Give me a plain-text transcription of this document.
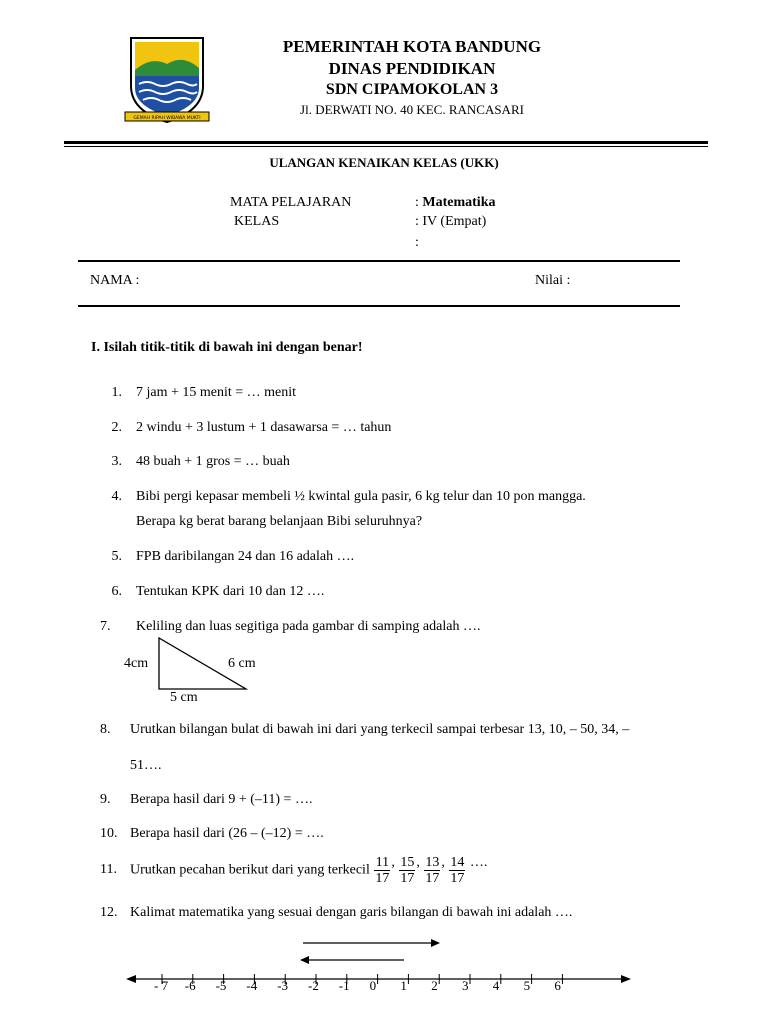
GEMAH RIPAH WIBAWA MUKTI
PEMERINTAH KOTA BANDUNG
DINAS PENDIDIKAN
SDN CIPAMOKOLAN 3
Jl. DERWATI NO. 40 KEC. RANCASARI
ULANGAN KENAIKAN KELAS (UKK)
MATA PELAJARAN	: Matematika
KELAS	: IV (Empat)
:
NAMA :	Nilai :
I. Isilah titik-titik di bawah ini dengan benar!
1. 7 jam + 15 menit = … menit
2. 2 windu + 3 lustum + 1 dasawarsa = … tahun
3. 48 buah + 1 gros = … buah
4. Bibi pergi kepasar membeli ½ kwintal gula pasir, 6 kg telur dan 10 pon mangga.
Berapa kg berat barang belanjaan Bibi seluruhnya?
5. FPB daribilangan 24 dan 16 adalah ….
6. Tentukan KPK dari 10 dan 12 ….
7. Keliling dan luas segitiga pada gambar di samping adalah ….
4cm	6 cm
5 cm
8. Urutkan bilangan bulat di bawah ini dari yang terkecil sampai terbesar 13, 10, – 50, 34, –
51….
9. Berapa hasil dari 9 + (–11) = ….
10. Berapa hasil dari (26 – (–12) = ….
11. Urutkan pecahan berikut dari yang terkecil $\frac{11}{17}$ , $\frac{15}{17}$ , $\frac{13}{17}$ , $\frac{14}{17}$ ….
12. Kalimat matematika yang sesuai dengan garis bilangan di bawah ini adalah ….
- 7 -6 -5 -4 -3 -2 -1 0 1 2 3 4 5 6
